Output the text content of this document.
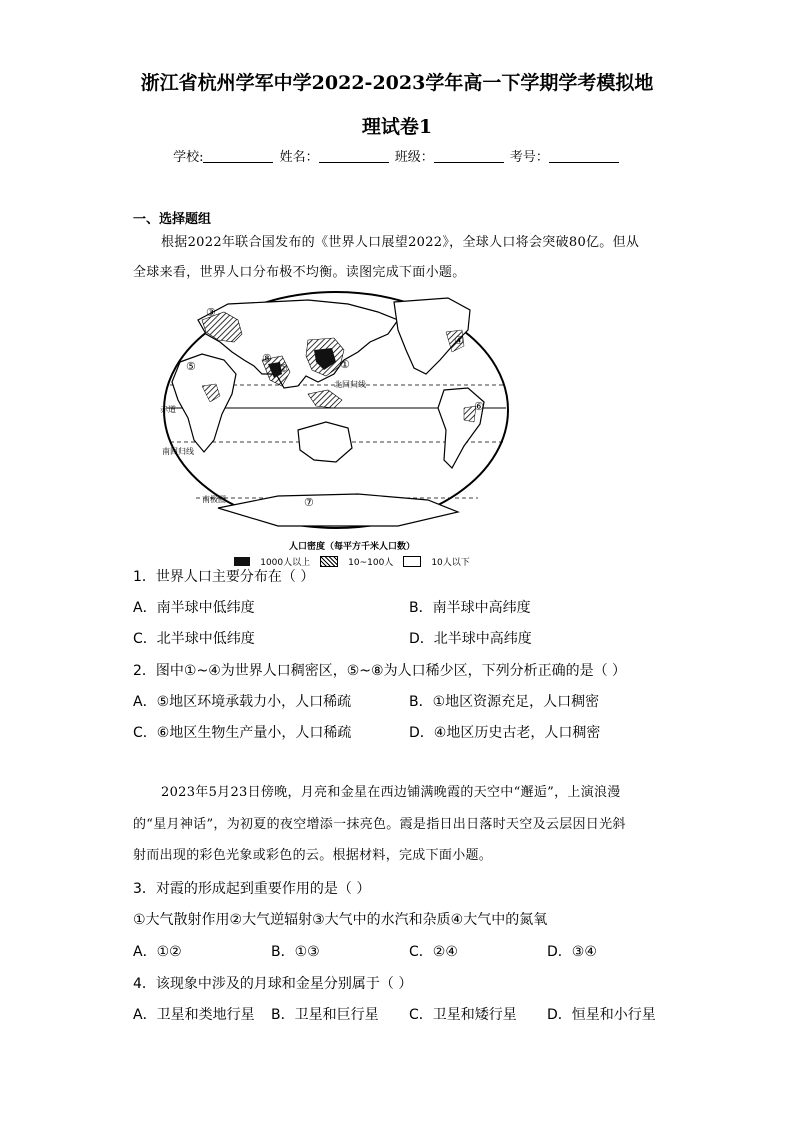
浙江省杭州学军中学2022-2023学年高一下学期学考模拟地
理试卷1
学校:	姓名：	班级：	考号：
一、选择题组
根据2022年联合国发布的《世界人口展望2022》，全球人口将会突破80亿。但从
全球来看，世界人口分布极不均衡。读图完成下面小题。
北回归线
赤道
南回归线
南极圈
①
②
③
④
⑤
⑥
⑦
⑧
人口密度（每平方千米人口数）
1000人以上	10~100人	10人以下
1．世界人口主要分布在（ ）
A．南半球中低纬度	B．南半球中高纬度
C．北半球中低纬度	D．北半球中高纬度
2．图中①~④为世界人口稠密区，⑤~⑧为人口稀少区，下列分析正确的是（ ）
A．⑤地区环境承载力小，人口稀疏	B．①地区资源充足，人口稠密
C．⑥地区生物生产量小，人口稀疏	D．④地区历史古老，人口稠密
2023年5月23日傍晚，月亮和金星在西边铺满晚霞的天空中“邂逅”，上演浪漫
的“星月神话”，为初夏的夜空增添一抹亮色。霞是指日出日落时天空及云层因日光斜
射而出现的彩色光象或彩色的云。根据材料，完成下面小题。
3．对霞的形成起到重要作用的是（ ）
①大气散射作用②大气逆辐射③大气中的水汽和杂质④大气中的氮氧
A．①②	B．①③	C．②④	D．③④
4．该现象中涉及的月球和金星分别属于（ ）
A．卫星和类地行星 B．卫星和巨行星 C．卫星和矮行星 D．恒星和小行星
